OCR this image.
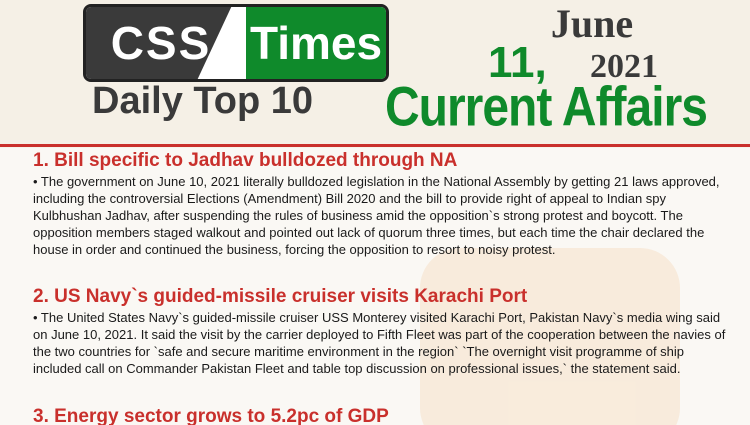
CSS Times	June
11, 2021
Daily Top 10 Current Affairs
1. Bill specific to Jadhav bulldozed through NA
• The government on June 10, 2021 literally bulldozed legislation in the National Assembly by getting 21 laws approved, including the controversial Elections (Amendment) Bill 2020 and the bill to provide right of appeal to Indian spy Kulbhushan Jadhav, after suspending the rules of business amid the opposition`s strong protest and boycott. The opposition members staged walkout and pointed out lack of quorum three times, but each time the chair declared the house in order and continued the business, forcing the opposition to resort to noisy protest.
2. US Navy`s guided-missile cruiser visits Karachi Port
• The United States Navy`s guided-missile cruiser USS Monterey visited Karachi Port, Pakistan Navy`s media wing said on June 10, 2021. It said the visit by the carrier deployed to Fifth Fleet was part of the cooperation between the navies of the two countries for `safe and secure maritime environment in the region` `The overnight visit programme of ship included call on Commander Pakistan Fleet and table top discussion on professional issues,` the statement said.
3. Energy sector grows to 5.2pc of GDP
